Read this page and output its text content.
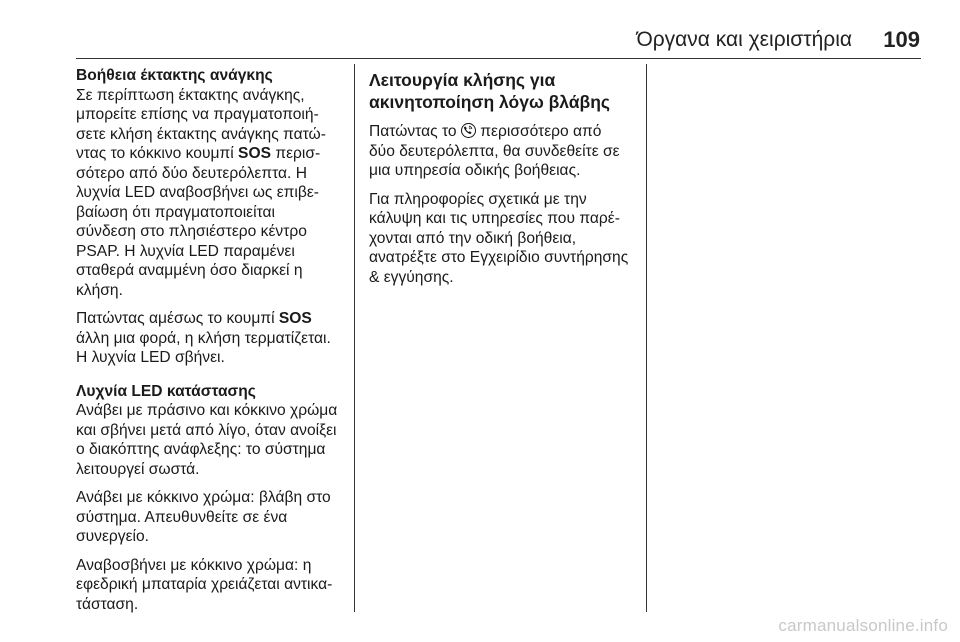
Όργανα και χειριστήρια 109
Βοήθεια έκτακτης ανάγκης

Σε περίπτωση έκτακτης ανάγκης,
μπορείτε επίσης να πραγματοποιή-
σετε κλήση έκτακτης ανάγκης πατώ-
ντας το κόκκινο κουμπί SOS περισ-
σότερο από δύο δευτερόλεπτα. Η
λυχνία LED αναβοσβήνει ως επιβε-
βαίωση ότι πραγματοποιείται
σύνδεση στο πλησιέστερο κέντρο
PSAP. Η λυχνία LED παραμένει
σταθερά αναμμένη όσο διαρκεί η
κλήση.

Πατώντας αμέσως το κουμπί SOS
άλλη μια φορά, η κλήση τερματίζεται.
Η λυχνία LED σβήνει.

Λυχνία LED κατάστασης

Ανάβει με πράσινο και κόκκινο χρώμα
και σβήνει μετά από λίγο, όταν ανοίξει
ο διακόπτης ανάφλεξης: το σύστημα
λειτουργεί σωστά.

Ανάβει με κόκκινο χρώμα: βλάβη στο
σύστημα. Απευθυνθείτε σε ένα
συνεργείο.

Αναβοσβήνει με κόκκινο χρώμα: η
εφεδρική μπαταρία χρειάζεται αντικα-
τάσταση.

Λειτουργία κλήσης για
ακινητοποίηση λόγω βλάβης

Πατώντας το περισσότερο από
δύο δευτερόλεπτα, θα συνδεθείτε σε
μια υπηρεσία οδικής βοήθειας.

Για πληροφορίες σχετικά με την
κάλυψη και τις υπηρεσίες που παρέ-
χονται από την οδική βοήθεια,
ανατρέξτε στο Εγχειρίδιο συντήρησης
& εγγύησης.

carmanualsonline.info
